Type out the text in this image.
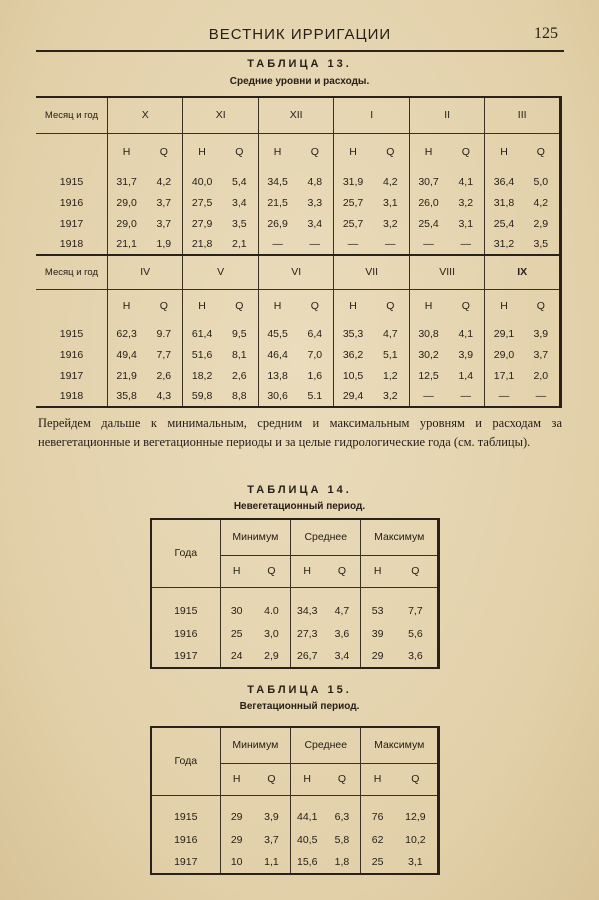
ВЕСТНИК ИРРИГАЦИИ	125
ТАБЛИЦА 13.
Средние уровни и расходы.
Месяц и год	X		XI		XII		I		II		III	
	H	Q	H	Q	H	Q	H	Q	H	Q	H	Q
1915	31,7	4,2	40,0	5,4	34,5	4,8	31,9	4,2	30,7	4,1	36,4	5,0
1916	29,0	3,7	27,5	3,4	21,5	3,3	25,7	3,1	26,0	3,2	31,8	4,2
1917	29,0	3,7	27,9	3,5	26,9	3,4	25,7	3,2	25,4	3,1	25,4	2,9
1918	21,1	1,9	21,8	2,1	—	—	—	—	—	—	31,2	3,5
Месяц и год	IV		V		VI		VII		VIII		IX	
	H	Q	H	Q	H	Q	H	Q	H	Q	H	Q
1915	62,3	9.7	61,4	9,5	45,5	6,4	35,3	4,7	30,8	4,1	29,1	3,9
1916	49,4	7,7	51,6	8,1	46,4	7,0	36,2	5,1	30,2	3,9	29,0	3,7
1917	21,9	2,6	18,2	2,6	13,8	1,6	10,5	1,2	12,5	1,4	17,1	2,0
1918	35,8	4,3	59,8	8,8	30,6	5.1	29,4	3,2	—	—	—	—
Перейдем дальше к минимальным, средним и максимальным уровням и расходам за невегетационные и вегетационные периоды и за целые гидрологические года (см. таблицы).
ТАБЛИЦА 14.
Невегетационный период.
Года	Минимум		Среднее		Максимум	
	H	Q	H	Q	H	Q

1915	30	4.0	34,3	4,7	53	7,7
1916	25	3,0	27,3	3,6	39	5,6
1917	24	2,9	26,7	3,4	29	3,6
ТАБЛИЦА 15.
Вегетационный период.
Года	Минимум		Среднее		Максимум	
	H	Q	H	Q	H	Q

1915	29	3,9	44,1	6,3	76	12,9
1916	29	3,7	40,5	5,8	62	10,2
1917	10	1,1	15,6	1,8	25	3,1
